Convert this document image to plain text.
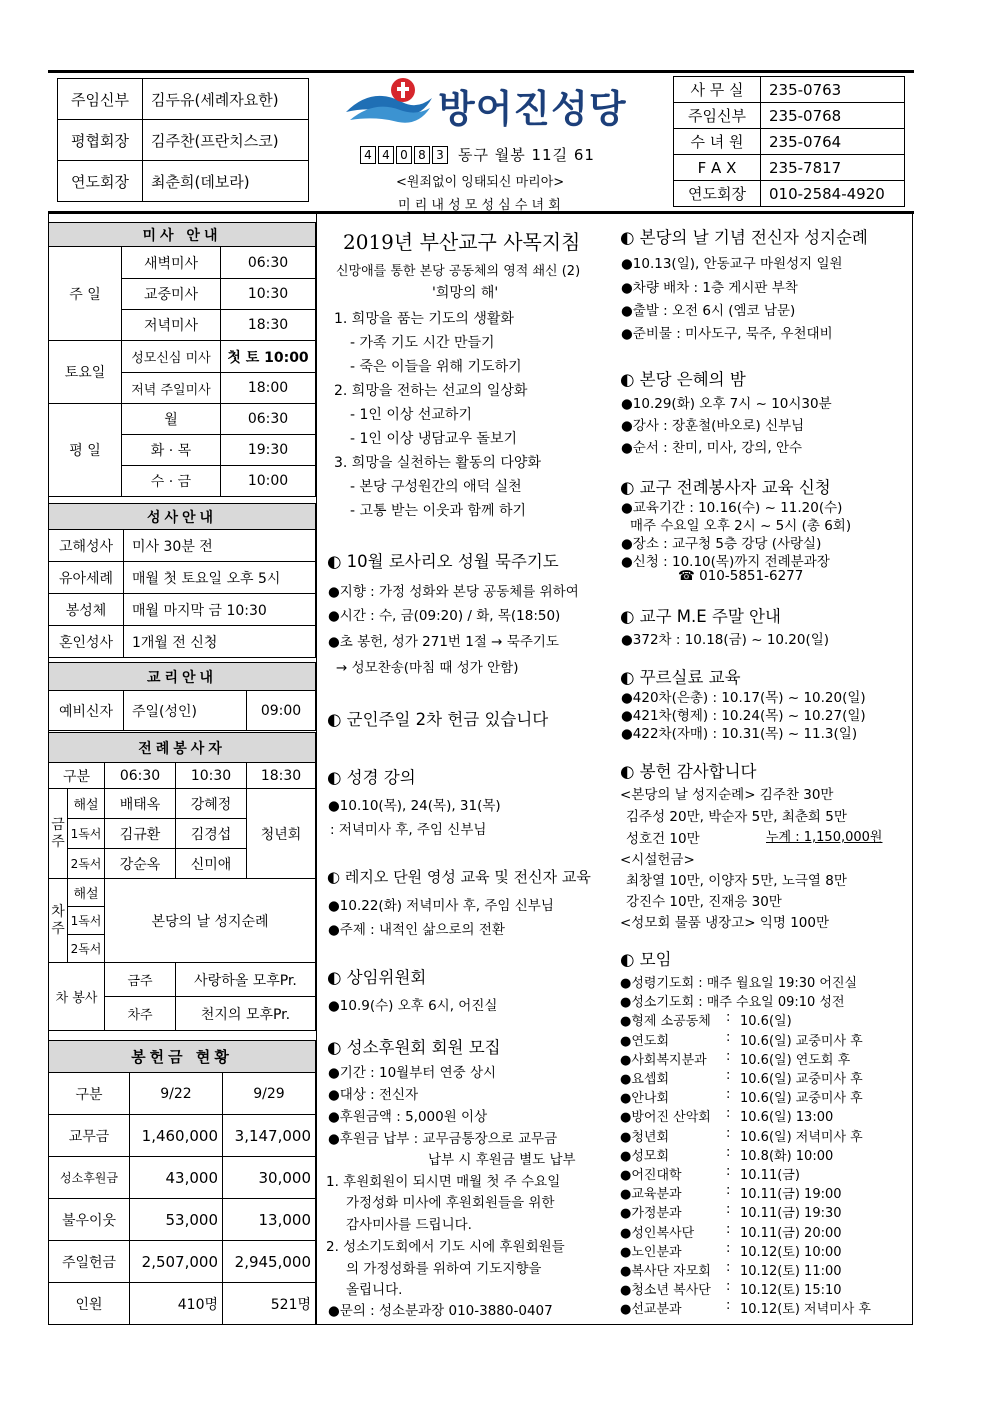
주임신부	김두유(세례자요한)
평협회장	김주찬(프란치스코)
연도회장	최춘희(데보라)
방어진성당
4 4 0 8 3 동구 월봉 11길 61
<원죄없이 잉태되신 마리아>
미 리 내 성 모 성 심 수 녀 회
사 무 실	235-0763
주임신부	235-0768
수 녀 원	235-0764
F A X	235-7817
연도회장	010-2584-4920
미사 안내		
주 일	새벽미사	06:30
	교중미사	10:30
	저녁미사	18:30
토요일	성모신심 미사	첫 토 10:00
	저녁 주일미사	18:00
평 일	월	06:30
	화 · 목	19:30
	수 · 금	10:00
성사안내	
고해성사	미사 30분 전
유아세례	매월 첫 토요일 오후 5시
봉성체	매월 마지막 금 10:30
혼인성사	1개월 전 신청
교리안내
예비신자	주일(성인)	09:00
전례봉사자				
구분		06:30	10:30	18:30
금
주	해설	배태옥	강혜정	청년회
	1독서	김규환	김경섭	
	2독서	강순옥	신미애	
차
주	해설	본당의 날 성지순례		
	1독서			
	2독서			
차 봉사		금주	사랑하올 모후Pr.	
		차주	천지의 모후Pr.	
봉헌금 현황		
구분	9/22	9/29
교무금	1,460,000	3,147,000
성소후원금	43,000	30,000
불우이웃	53,000	13,000
주일헌금	2,507,000	2,945,000
인원	410명	521명
2019년 부산교구 사목지침
신망애를 통한 본당 공동체의 영적 쇄신 (2)
'희망의 해'
1. 희망을 품는 기도의 생활화
- 가족 기도 시간 만들기
- 죽은 이들을 위해 기도하기
2. 희망을 전하는 선교의 일상화
- 1인 이상 선교하기
- 1인 이상 냉담교우 돌보기
3. 희망을 실천하는 활동의 다양화
- 본당 구성원간의 애덕 실천
- 고통 받는 이웃과 함께 하기
◐ 10월 로사리오 성월 묵주기도
●지향 : 가정 성화와 본당 공동체를 위하여
●시간 : 수, 금(09:20) / 화, 목(18:50)
●초 봉헌, 성가 271번 1절 → 묵주기도
→ 성모찬송(마침 때 성가 안함)
◐ 군인주일 2차 헌금 있습니다
◐ 성경 강의
●10.10(목), 24(목), 31(목)
: 저녁미사 후, 주임 신부님
◐ 레지오 단원 영성 교육 및 전신자 교육
●10.22(화) 저녁미사 후, 주임 신부님
●주제 : 내적인 삶으로의 전환
◐ 상임위원회
●10.9(수) 오후 6시, 어진실
◐ 성소후원회 회원 모집
●기간 : 10월부터 연중 상시
●대상 : 전신자
●후원금액 : 5,000원 이상
●후원금 납부 : 교무금통장으로 교무금
납부 시 후원금 별도 납부
1. 후원회원이 되시면 매월 첫 주 수요일
가정성화 미사에 후원회원들을 위한
감사미사를 드립니다.
2. 성소기도회에서 기도 시에 후원회원들
의 가정성화를 위하여 기도지향을
올립니다.
●문의 : 성소분과장 010-3880-0407
◐ 본당의 날 기념 전신자 성지순례
●10.13(일), 안동교구 마원성지 일원
●차량 배차 : 1층 게시판 부착
●출발 : 오전 6시 (엠코 남문)
●준비물 : 미사도구, 묵주, 우천대비
◐ 본당 은혜의 밤
●10.29(화) 오후 7시 ~ 10시30분
●강사 : 장훈철(바오로) 신부님
●순서 : 찬미, 미사, 강의, 안수
◐ 교구 전례봉사자 교육 신청
●교육기간 : 10.16(수) ~ 11.20(수)
매주 수요일 오후 2시 ~ 5시 (총 6회)
●장소 : 교구청 5층 강당 (사랑실)
●신청 : 10.10(목)까지 전례분과장
☎ 010-5851-6277
◐ 교구 M.E 주말 안내
●372차 : 10.18(금) ~ 10.20(일)
◐ 꾸르실료 교육
●420차(은총) : 10.17(목) ~ 10.20(일)
●421차(형제) : 10.24(목) ~ 10.27(일)
●422차(자매) : 10.31(목) ~ 11.3(일)
◐ 봉헌 감사합니다
<본당의 날 성지순례> 김주찬 30만
김주성 20만, 박순자 5만, 최춘희 5만
성호건 10만	누계 : 1,150,000원
<시설헌금>
최창열 10만, 이양자 5만, 노극열 8만
강진수 10만, 진재응 30만
<성모회 물품 냉장고> 익명 100만
◐ 모임
●성령기도회 : 매주 월요일 19:30 어진실
●성소기도회 : 매주 수요일 09:10 성전
●형제 소공동체 : 10.6(일)
●연도회	: 10.6(일) 교중미사 후
●사회복지분과 : 10.6(일) 연도회 후
●요셉회	: 10.6(일) 교중미사 후
●안나회	: 10.6(일) 교중미사 후
●방어진 산악회 : 10.6(일) 13:00
●청년회	: 10.6(일) 저녁미사 후
●성모회	: 10.8(화) 10:00
●어진대학	: 10.11(금)
●교육분과	: 10.11(금) 19:00
●가정분과	: 10.11(금) 19:30
●성인복사단 : 10.11(금) 20:00
●노인분과	: 10.12(토) 10:00
●복사단 자모회 : 10.12(토) 11:00
●청소년 복사단 : 10.12(토) 15:10
●선교분과	: 10.12(토) 저녁미사 후
